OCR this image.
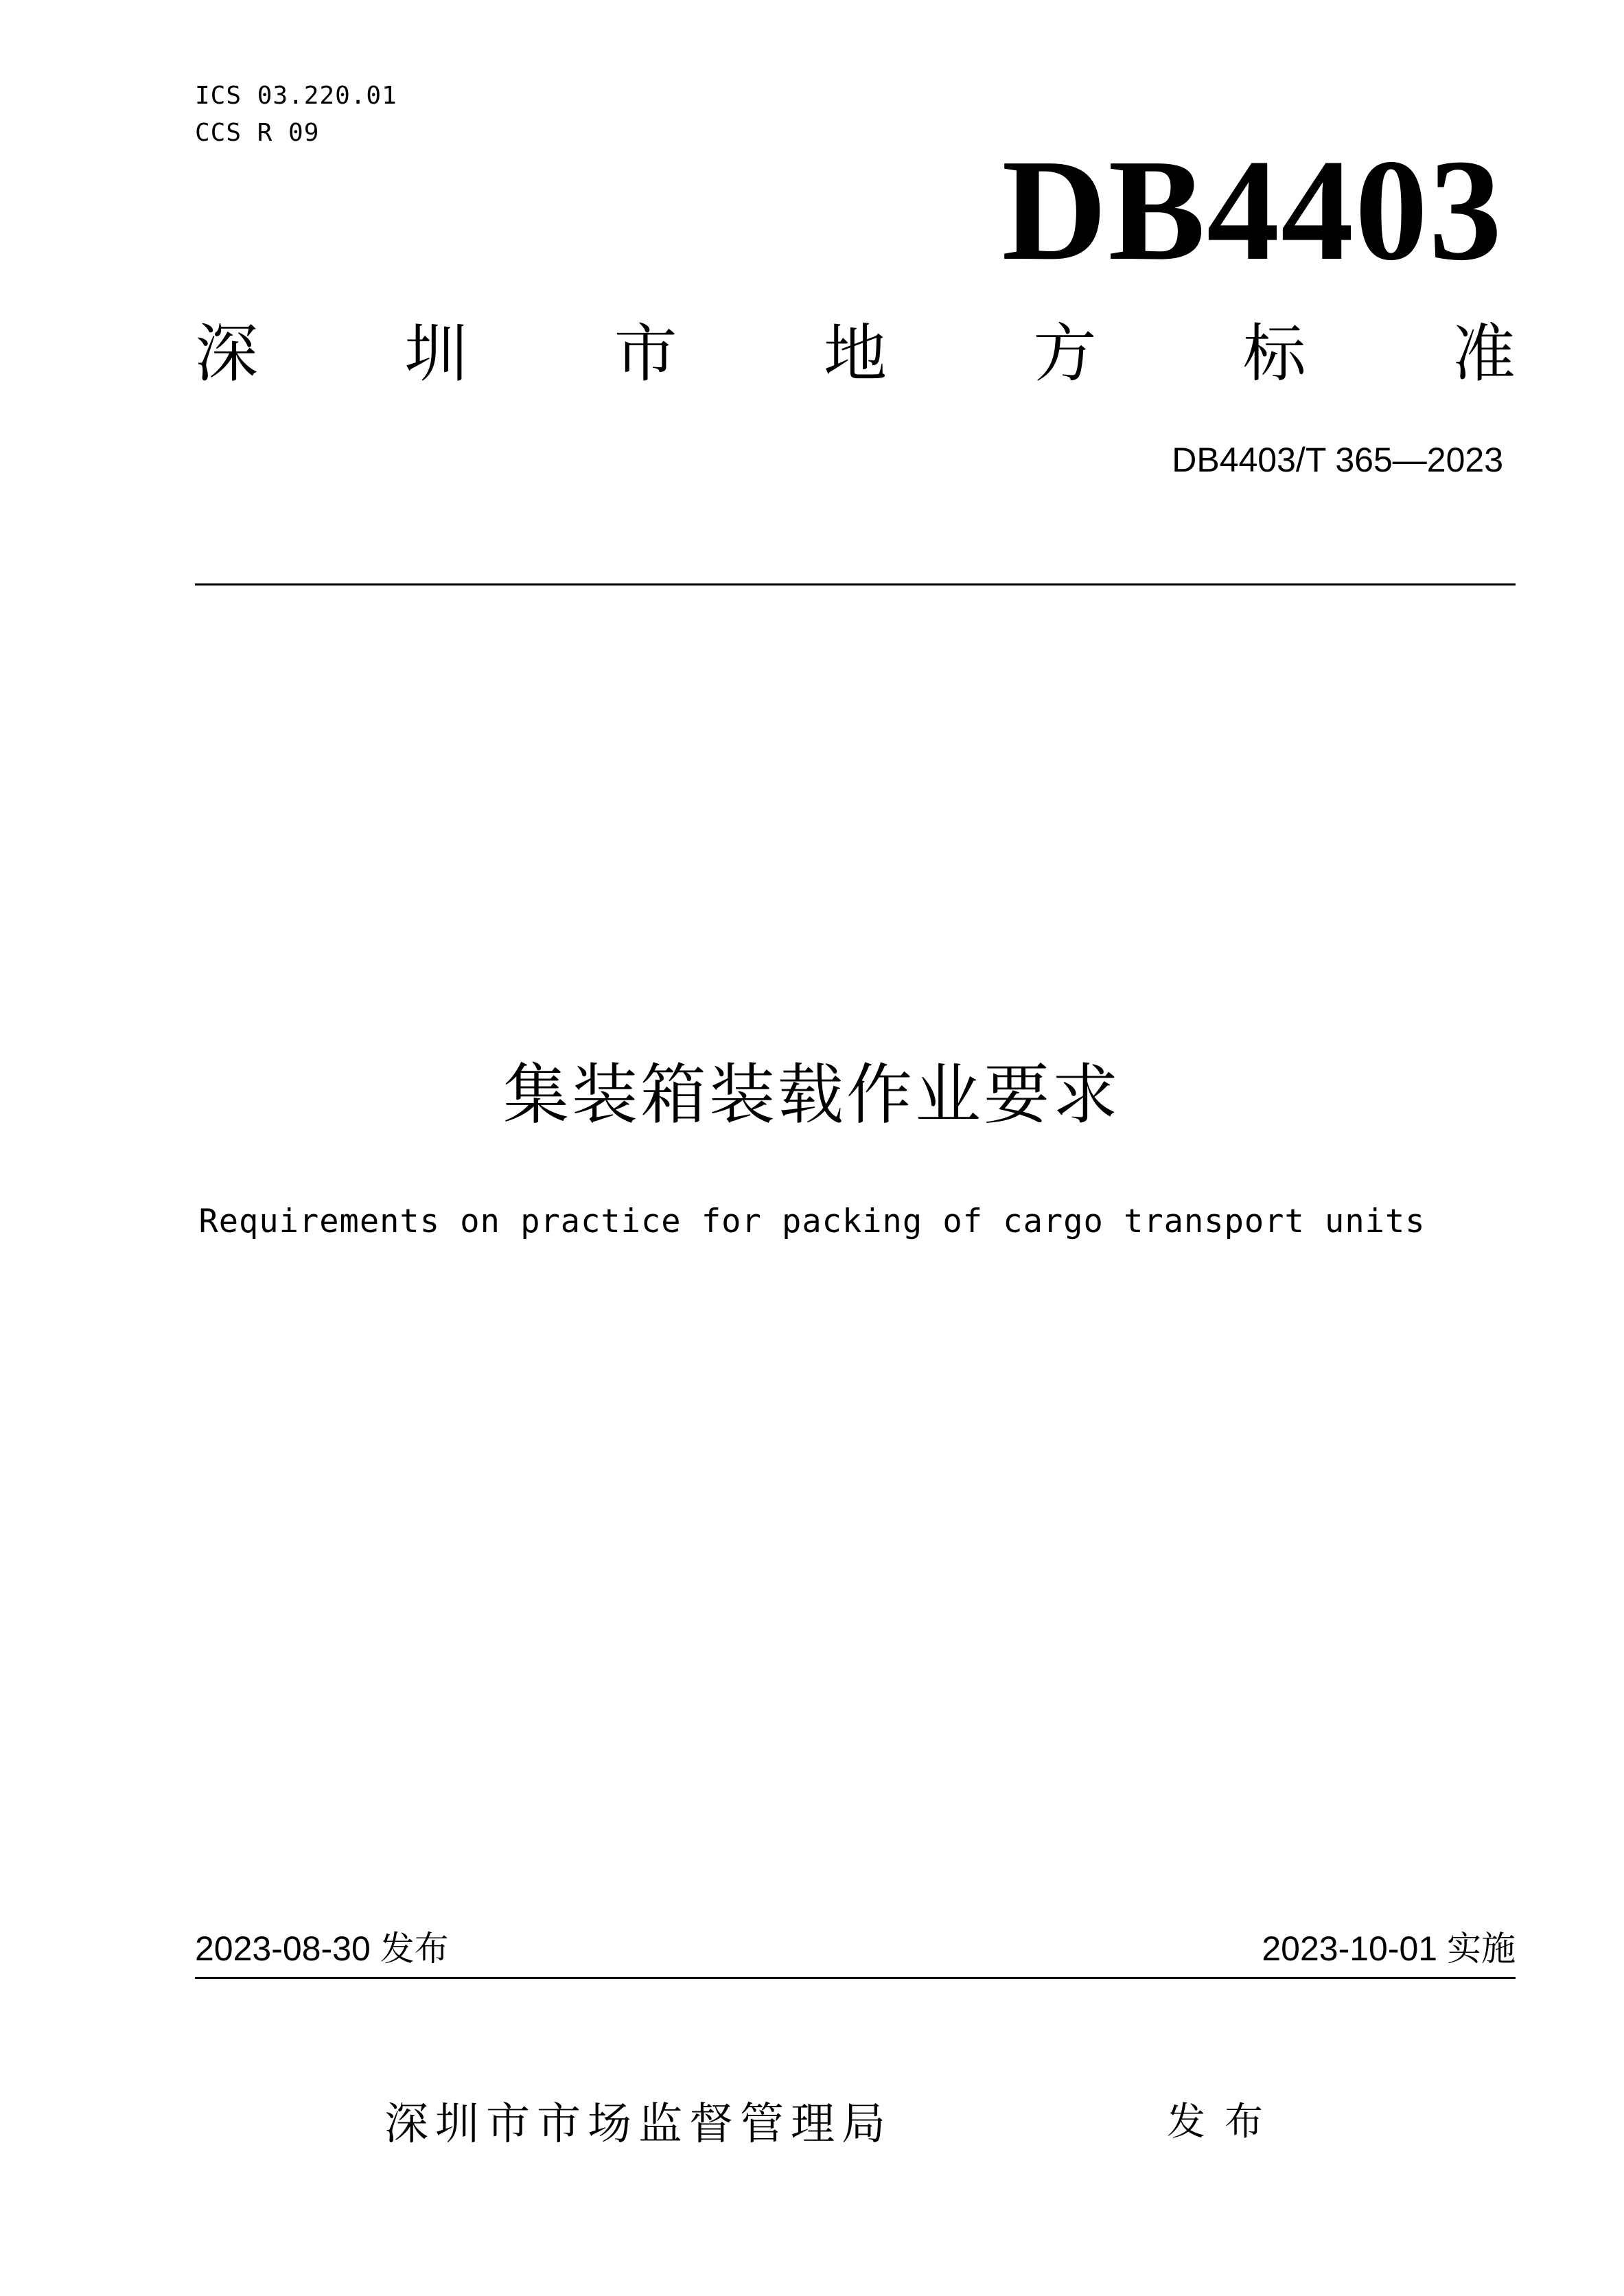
ICS 03.220.01
CCS R 09	DB4403
深 圳 市 地 方 标 准
DB4403/T 365—2023
集装箱装载作业要求
Requirements on practice for packing of cargo transport units
2023-08-30 发布	2023-10-01 实施
深圳市市场监督管理局	发布
